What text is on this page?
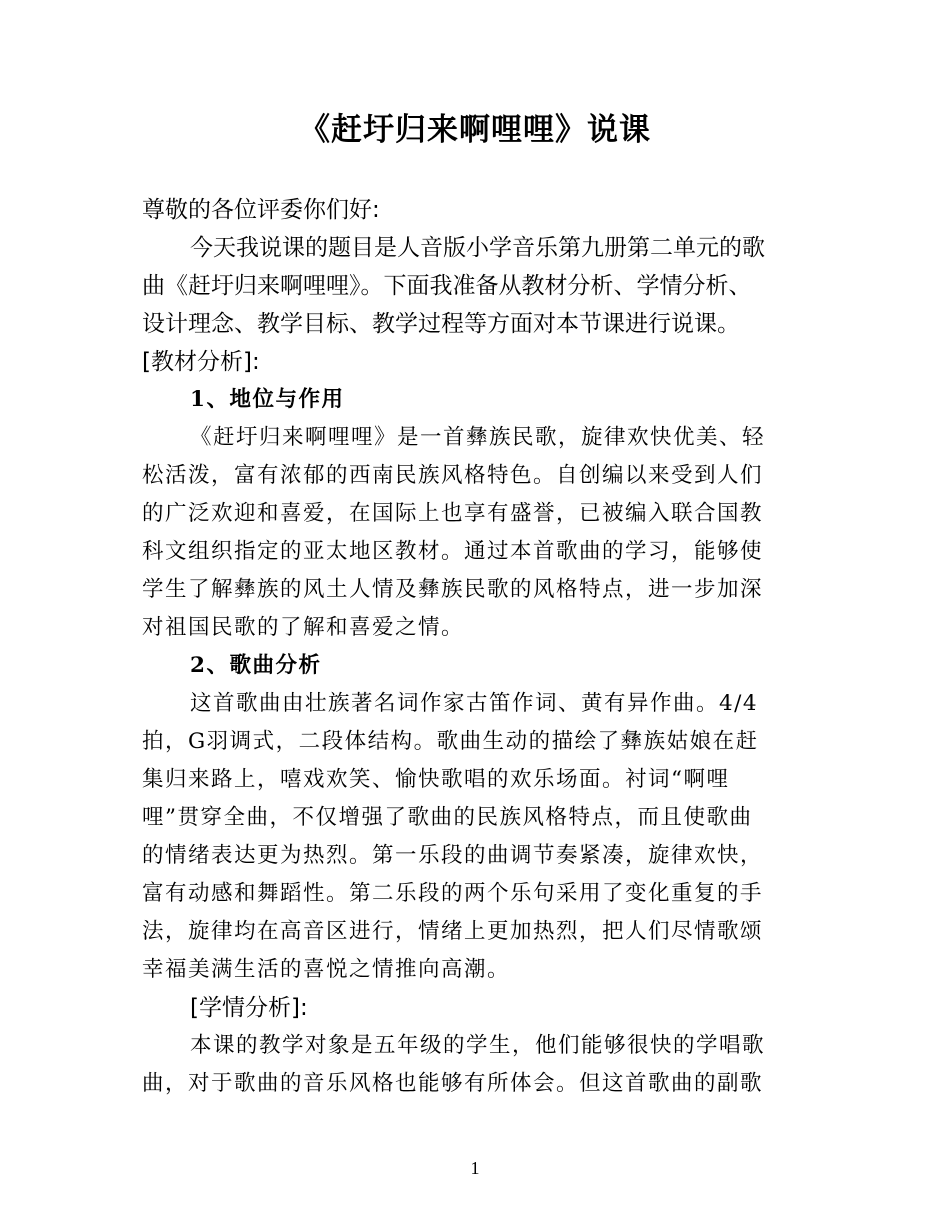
《赶圩归来啊哩哩》说课

尊敬的各位评委你们好:

今天我说课的题目是人音版小学音乐第九册第二单元的歌

曲《赶圩归来啊哩哩》。下面我准备从教材分析、学情分析、

设计理念、教学目标、教学过程等方面对本节课进行说课。

[教材分析]:

1、地位与作用

《赶圩归来啊哩哩》是一首彝族民歌，旋律欢快优美、轻

松活泼，富有浓郁的西南民族风格特色。自创编以来受到人们

的广泛欢迎和喜爱，在国际上也享有盛誉，已被编入联合国教

科文组织指定的亚太地区教材。通过本首歌曲的学习，能够使

学生了解彝族的风土人情及彝族民歌的风格特点，进一步加深

对祖国民歌的了解和喜爱之情。

2、歌曲分析

这首歌曲由壮族著名词作家古笛作词、黄有异作曲。4/4

拍，G羽调式，二段体结构。歌曲生动的描绘了彝族姑娘在赶

集归来路上，嘻戏欢笑、愉快歌唱的欢乐场面。衬词“啊哩

哩”贯穿全曲，不仅增强了歌曲的民族风格特点，而且使歌曲

的情绪表达更为热烈。第一乐段的曲调节奏紧凑，旋律欢快，

富有动感和舞蹈性。第二乐段的两个乐句采用了变化重复的手

法，旋律均在高音区进行，情绪上更加热烈，把人们尽情歌颂

幸福美满生活的喜悦之情推向高潮。

[学情分析]:

本课的教学对象是五年级的学生，他们能够很快的学唱歌

曲，对于歌曲的音乐风格也能够有所体会。但这首歌曲的副歌

1
